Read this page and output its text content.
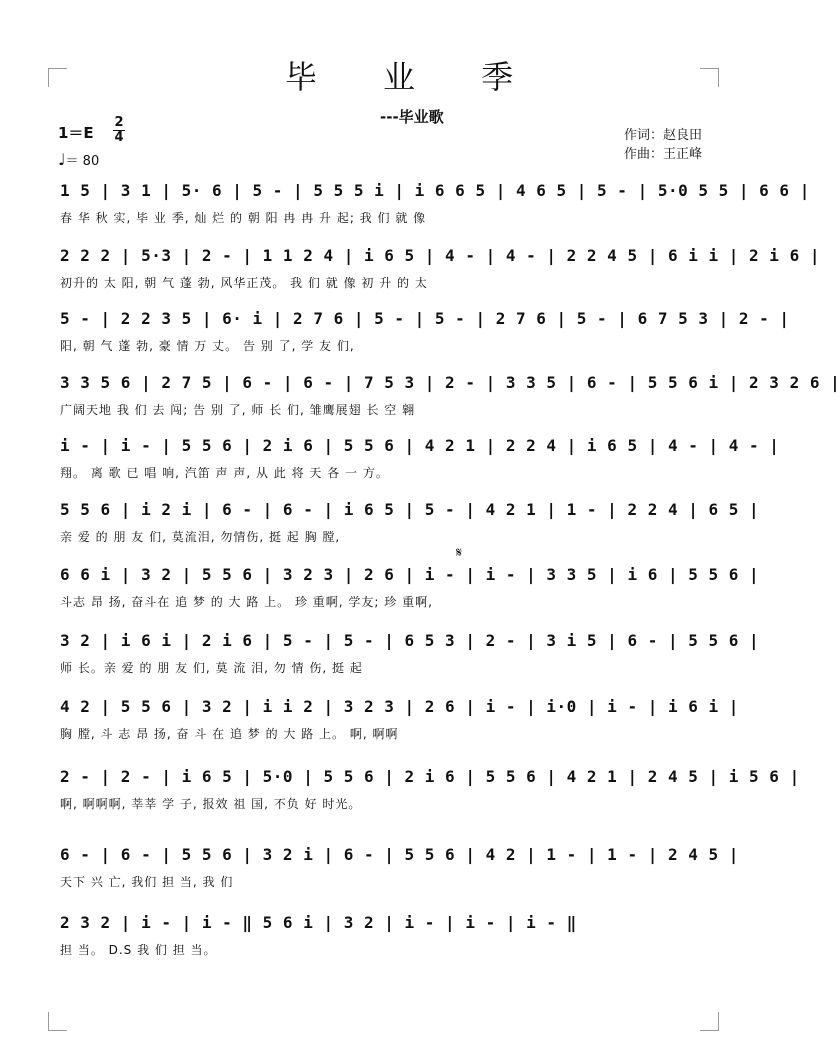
毕 业 季
---毕业歌
1＝E
2
4
♩＝ 80
作词：赵良田
作曲：王正峰
1 5 | 3 1 | 5· 6 | 5 - | 5 5 5 i | i 6 6 5 | 4 6 5 | 5 - | 5·0 5 5 | 6 6 |
春 华 秋 实, 毕 业 季, 灿 烂 的 朝 阳 冉 冉 升 起; 我 们 就 像
2 2 2 | 5·3 | 2 - | 1 1 2 4 | i 6 5 | 4 - | 4 - | 2 2 4 5 | 6 i i | 2 i 6 |
初升的 太 阳, 朝 气 蓬 勃, 风华正茂。 我 们 就 像 初 升 的 太
5 - | 2 2 3 5 | 6· i | 2 7 6 | 5 - | 5 - | 2 7 6 | 5 - | 6 7 5 3 | 2 - |
阳, 朝 气 蓬 勃, 豪 情 万 丈。 告 别 了, 学 友 们,
3 3 5 6 | 2 7 5 | 6 - | 6 - | 7 5 3 | 2 - | 3 3 5 | 6 - | 5 5 6 i | 2 3 2 6 |
广阔天地 我 们 去 闯; 告 别 了, 师 长 们, 雏鹰展翅 长 空 翱
i - | i - | 5 5 6 | 2 i 6 | 5 5 6 | 4 2 1 | 2 2 4 | i 6 5 | 4 - | 4 - |
翔。 离 歌 已 唱 响, 汽笛 声 声, 从 此 将 天 各 一 方。
5 5 6 | i 2 i | 6 - | 6 - | i 6 5 | 5 - | 4 2 1 | 1 - | 2 2 4 | 6 5 |
亲 爱 的 朋 友 们, 莫流泪, 勿情伤, 挺 起 胸 膛,
6 6 i | 3 2 | 5 5 6 | 3 2 3 | 2 6 | i - | i - | 3 3 5 | i 6 | 5 5 6 |
斗志 昂 扬, 奋斗在 追 梦 的 大 路 上。 珍 重啊, 学友; 珍 重啊,
3 2 | i 6 i | 2 i 6 | 5 - | 5 - | 6 5 3 | 2 - | 3 i 5 | 6 - | 5 5 6 |
师 长。亲 爱 的 朋 友 们, 莫 流 泪, 勿 情 伤, 挺 起
4 2 | 5 5 6 | 3 2 | i i 2 | 3 2 3 | 2 6 | i - | i·0 | i - | i 6 i |
胸 膛, 斗 志 昂 扬, 奋 斗 在 追 梦 的 大 路 上。 啊, 啊啊
2 - | 2 - | i 6 5 | 5·0 | 5 5 6 | 2 i 6 | 5 5 6 | 4 2 1 | 2 4 5 | i 5 6 |
啊, 啊啊啊, 莘莘 学 子, 报效 祖 国, 不负 好 时光。
6 - | 6 - | 5 5 6 | 3 2 i | 6 - | 5 5 6 | 4 2 | 1 - | 1 - | 2 4 5 |
天下 兴 亡, 我们 担 当, 我 们
2 3 2 | i - | i - ‖ 5 6 i | 3 2 | i - | i - | i - ‖
担 当。 D.S 我 们 担 当。
𝄋
